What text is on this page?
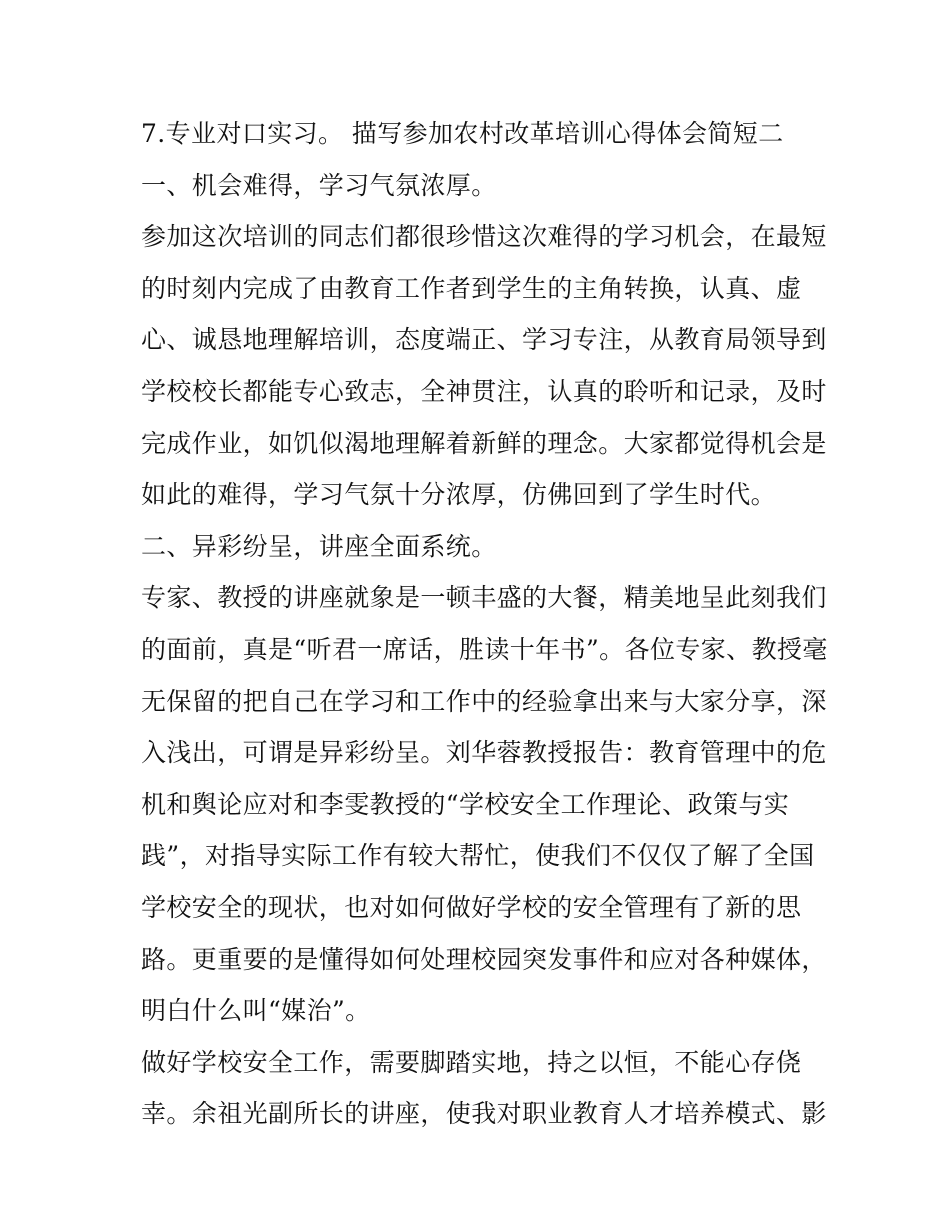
7.专业对口实习。 描写参加农村改革培训心得体会简短二
一、机会难得，学习气氛浓厚。
参加这次培训的同志们都很珍惜这次难得的学习机会，在最短
的时刻内完成了由教育工作者到学生的主角转换，认真、虚
心、诚恳地理解培训，态度端正、学习专注，从教育局领导到
学校校长都能专心致志，全神贯注，认真的聆听和记录，及时
完成作业，如饥似渴地理解着新鲜的理念。大家都觉得机会是
如此的难得，学习气氛十分浓厚，仿佛回到了学生时代。
二、异彩纷呈，讲座全面系统。
专家、教授的讲座就象是一顿丰盛的大餐，精美地呈此刻我们
的面前，真是“听君一席话，胜读十年书”。各位专家、教授毫
无保留的把自己在学习和工作中的经验拿出来与大家分享，深
入浅出，可谓是异彩纷呈。刘华蓉教授报告：教育管理中的危
机和舆论应对和李雯教授的“学校安全工作理论、政策与实
践”，对指导实际工作有较大帮忙，使我们不仅仅了解了全国
学校安全的现状，也对如何做好学校的安全管理有了新的思
路。更重要的是懂得如何处理校园突发事件和应对各种媒体，
明白什么叫“媒治”。
做好学校安全工作，需要脚踏实地，持之以恒，不能心存侥
幸。余祖光副所长的讲座，使我对职业教育人才培养模式、影
